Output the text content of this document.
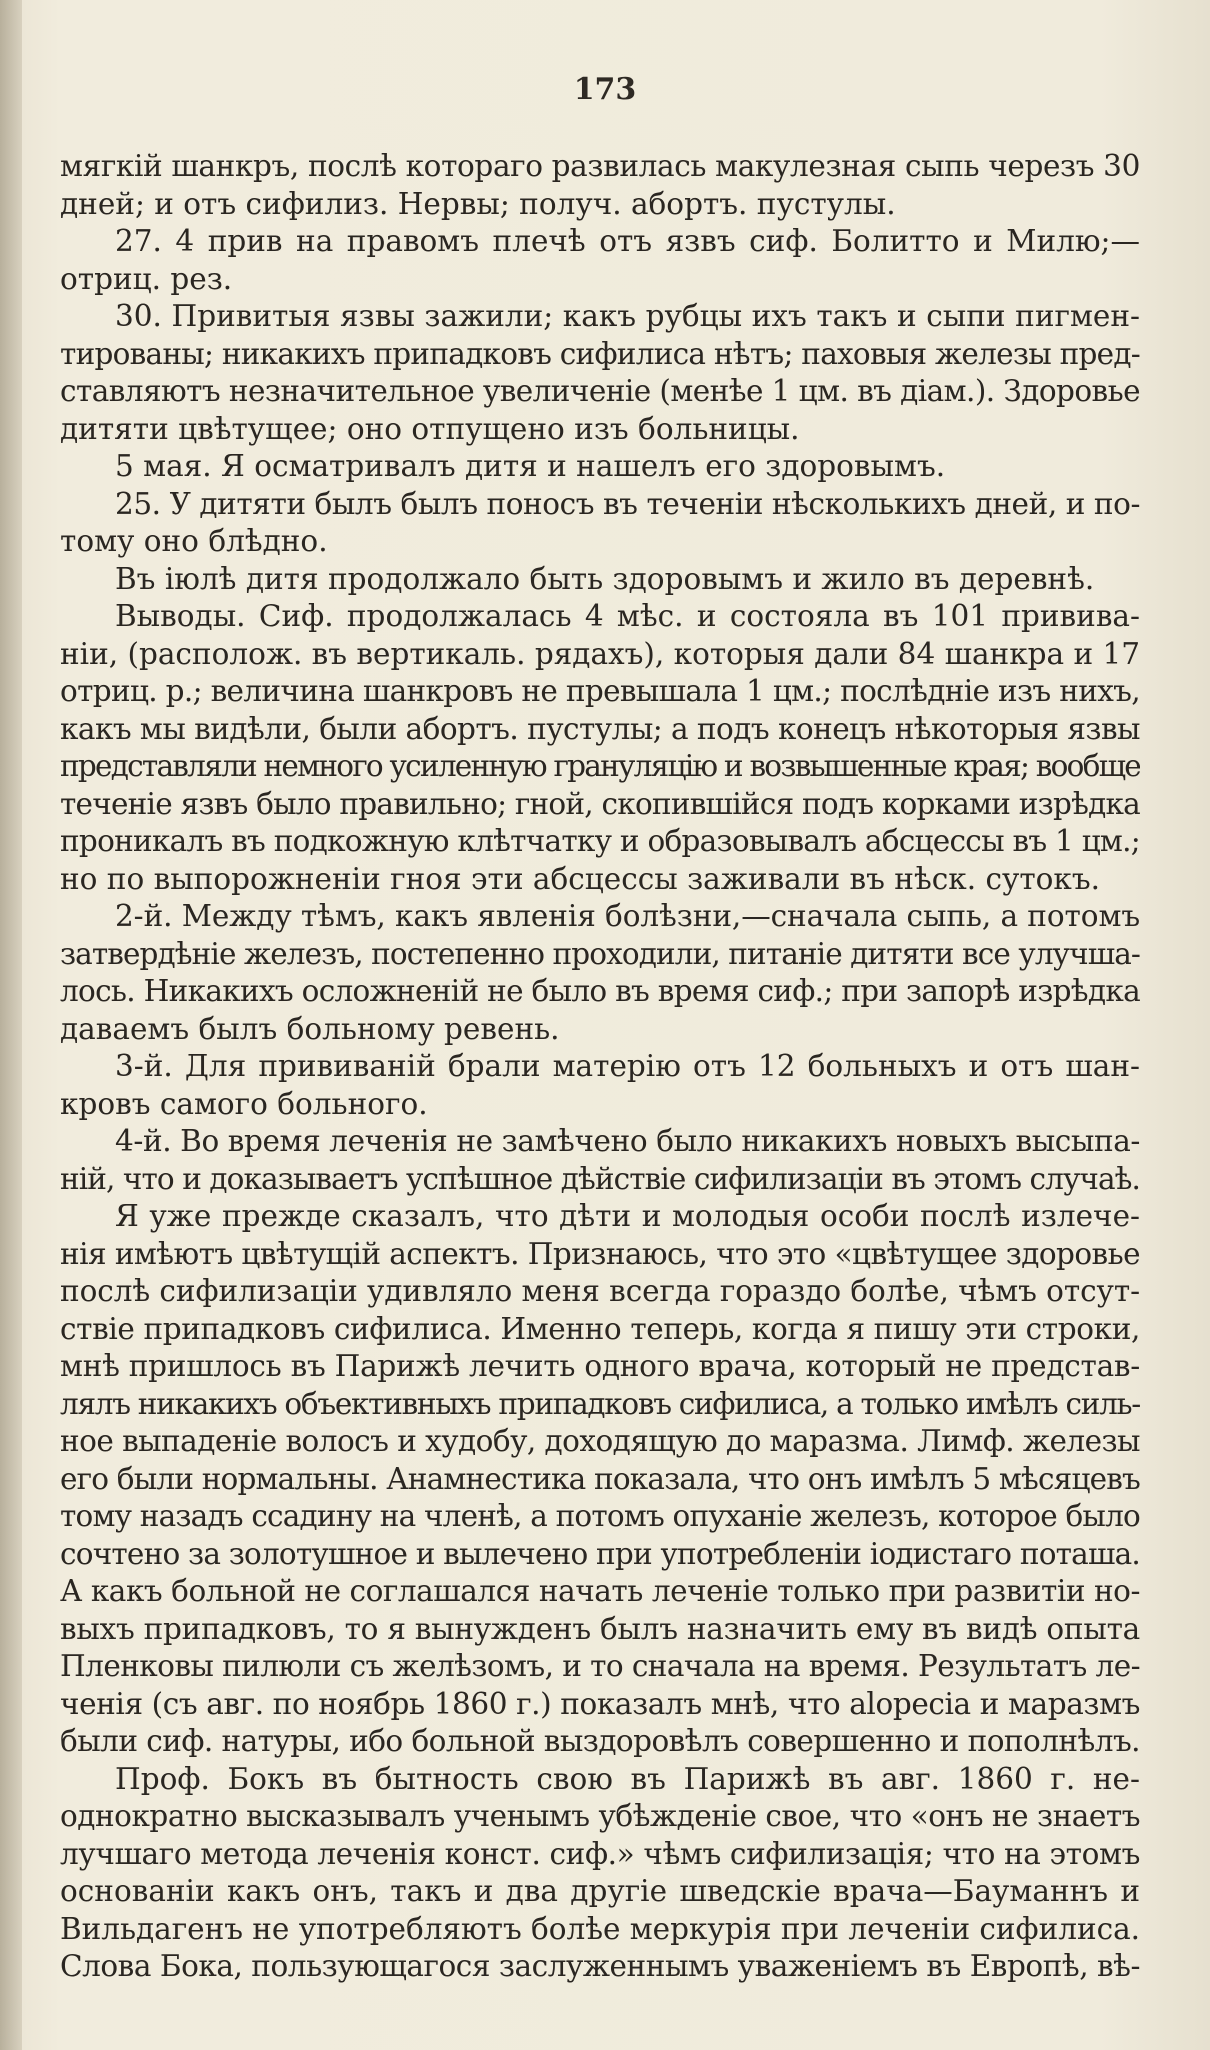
173
мягкій шанкръ, послѣ котораго развилась макулезная сыпь черезъ 30
дней; и отъ сифилиз. Нервы; получ. абортъ. пустулы.
27. 4 прив на правомъ плечѣ отъ язвъ сиф. Болитто и Милю;—
отриц. рез.
30. Привитыя язвы зажили; какъ рубцы ихъ такъ и сыпи пигмен-
тированы; никакихъ припадковъ сифилиса нѣтъ; паховыя железы пред-
ставляютъ незначительное увеличеніе (менѣе 1 цм. въ діам.). Здоровье
дитяти цвѣтущее; оно отпущено изъ больницы.
5 мая. Я осматривалъ дитя и нашелъ его здоровымъ.
25. У дитяти былъ былъ поносъ въ теченіи нѣсколькихъ дней, и по-
тому оно блѣдно.
Въ іюлѣ дитя продолжало быть здоровымъ и жило въ деревнѣ.
Выводы. Сиф. продолжалась 4 мѣс. и состояла въ 101 привива-
ніи, (располож. въ вертикаль. рядахъ), которыя дали 84 шанкра и 17
отриц. р.; величина шанкровъ не превышала 1 цм.; послѣдніе изъ нихъ,
какъ мы видѣли, были абортъ. пустулы; а подъ конецъ нѣкоторыя язвы
представляли немного усиленную грануляцію и возвышенные края; вообще
теченіе язвъ было правильно; гной, скопившійся подъ корками изрѣдка
проникалъ въ подкожную клѣтчатку и образовывалъ абсцессы въ 1 цм.;
но по выпорожненіи гноя эти абсцессы заживали въ нѣск. сутокъ.
2-й. Между тѣмъ, какъ явленія болѣзни,—сначала сыпь, а потомъ
затвердѣніе железъ, постепенно проходили, питаніе дитяти все улучша-
лось. Никакихъ осложненій не было въ время сиф.; при запорѣ изрѣдка
даваемъ былъ больному ревень.
3-й. Для прививаній брали матерію отъ 12 больныхъ и отъ шан-
кровъ самого больного.
4-й. Во время леченія не замѣчено было никакихъ новыхъ высыпа-
ній, что и доказываетъ успѣшное дѣйствіе сифилизаціи въ этомъ случаѣ.
Я уже прежде сказалъ, что дѣти и молодыя особи послѣ излече-
нія имѣютъ цвѣтущій аспектъ. Признаюсь, что это «цвѣтущее здоровье
послѣ сифилизаціи удивляло меня всегда гораздо болѣе, чѣмъ отсут-
ствіе припадковъ сифилиса. Именно теперь, когда я пишу эти строки,
мнѣ пришлось въ Парижѣ лечить одного врача, который не представ-
лялъ никакихъ объективныхъ припадковъ сифилиса, а только имѣлъ силь-
ное выпаденіе волосъ и худобу, доходящую до маразма. Лимф. железы
его были нормальны. Анамнестика показала, что онъ имѣлъ 5 мѣсяцевъ
тому назадъ ссадину на членѣ, а потомъ опуханіе железъ, которое было
сочтено за золотушное и вылечено при употребленіи іодистаго поташа.
А какъ больной не соглашался начать леченіе только при развитіи но-
выхъ припадковъ, то я вынужденъ былъ назначить ему въ видѣ опыта
Пленковы пилюли съ желѣзомъ, и то сначала на время. Результатъ ле-
ченія (съ авг. по ноябрь 1860 г.) показалъ мнѣ, что alopecia и маразмъ
были сиф. натуры, ибо больной выздоровѣлъ совершенно и пополнѣлъ.
Проф. Бокъ въ бытность свою въ Парижѣ въ авг. 1860 г. не-
однократно высказывалъ ученымъ убѣжденіе свое, что «онъ не знаетъ
лучшаго метода леченія конст. сиф.» чѣмъ сифилизація; что на этомъ
основаніи какъ онъ, такъ и два другіе шведскіе врача—Бауманнъ и
Вильдагенъ не употребляютъ болѣе меркурія при леченіи сифилиса.
Слова Бока, пользующагося заслуженнымъ уваженіемъ въ Европѣ, вѣ-
